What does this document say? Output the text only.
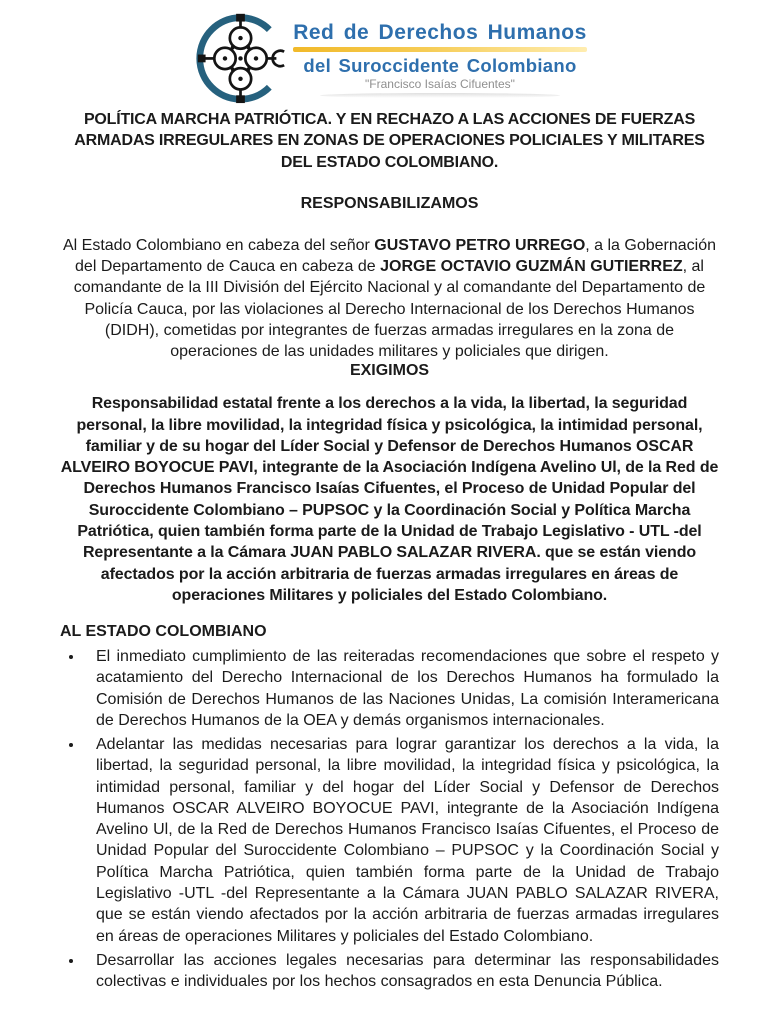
Red de Derechos Humanos
del Suroccidente Colombiano
"Francisco Isaías Cifuentes"
POLÍTICA MARCHA PATRIÓTICA. Y EN RECHAZO A LAS ACCIONES DE FUERZAS ARMADAS IRREGULARES EN ZONAS DE OPERACIONES POLICIALES Y MILITARES DEL ESTADO COLOMBIANO.
RESPONSABILIZAMOS
Al Estado Colombiano en cabeza del señor GUSTAVO PETRO URREGO, a la Gobernación del Departamento de Cauca en cabeza de JORGE OCTAVIO GUZMÁN GUTIERREZ, al comandante de la III División del Ejército Nacional y al comandante del Departamento de Policía Cauca, por las violaciones al Derecho Internacional de los Derechos Humanos (DIDH), cometidas por integrantes de fuerzas armadas irregulares en la zona de operaciones de las unidades militares y policiales que dirigen.
EXIGIMOS
Responsabilidad estatal frente a los derechos a la vida, la libertad, la seguridad personal, la libre movilidad, la integridad física y psicológica, la intimidad personal, familiar y de su hogar del Líder Social y Defensor de Derechos Humanos OSCAR ALVEIRO BOYOCUE PAVI, integrante de la Asociación Indígena Avelino Ul, de la Red de Derechos Humanos Francisco Isaías Cifuentes, el Proceso de Unidad Popular del Suroccidente Colombiano – PUPSOC y la Coordinación Social y Política Marcha Patriótica, quien también forma parte de la Unidad de Trabajo Legislativo - UTL -del Representante a la Cámara JUAN PABLO SALAZAR RIVERA. que se están viendo afectados por la acción arbitraria de fuerzas armadas irregulares en áreas de operaciones Militares y policiales del Estado Colombiano.
AL ESTADO COLOMBIANO
• El inmediato cumplimiento de las reiteradas recomendaciones que sobre el respeto y acatamiento del Derecho Internacional de los Derechos Humanos ha formulado la Comisión de Derechos Humanos de las Naciones Unidas, La comisión Interamericana de Derechos Humanos de la OEA y demás organismos internacionales.
• Adelantar las medidas necesarias para lograr garantizar los derechos a la vida, la libertad, la seguridad personal, la libre movilidad, la integridad física y psicológica, la intimidad personal, familiar y del hogar del Líder Social y Defensor de Derechos Humanos OSCAR ALVEIRO BOYOCUE PAVI, integrante de la Asociación Indígena Avelino Ul, de la Red de Derechos Humanos Francisco Isaías Cifuentes, el Proceso de Unidad Popular del Suroccidente Colombiano – PUPSOC y la Coordinación Social y Política Marcha Patriótica, quien también forma parte de la Unidad de Trabajo Legislativo -UTL -del Representante a la Cámara JUAN PABLO SALAZAR RIVERA, que se están viendo afectados por la acción arbitraria de fuerzas armadas irregulares en áreas de operaciones Militares y policiales del Estado Colombiano.
• Desarrollar las acciones legales necesarias para determinar las responsabilidades colectivas e individuales por los hechos consagrados en esta Denuncia Pública.
